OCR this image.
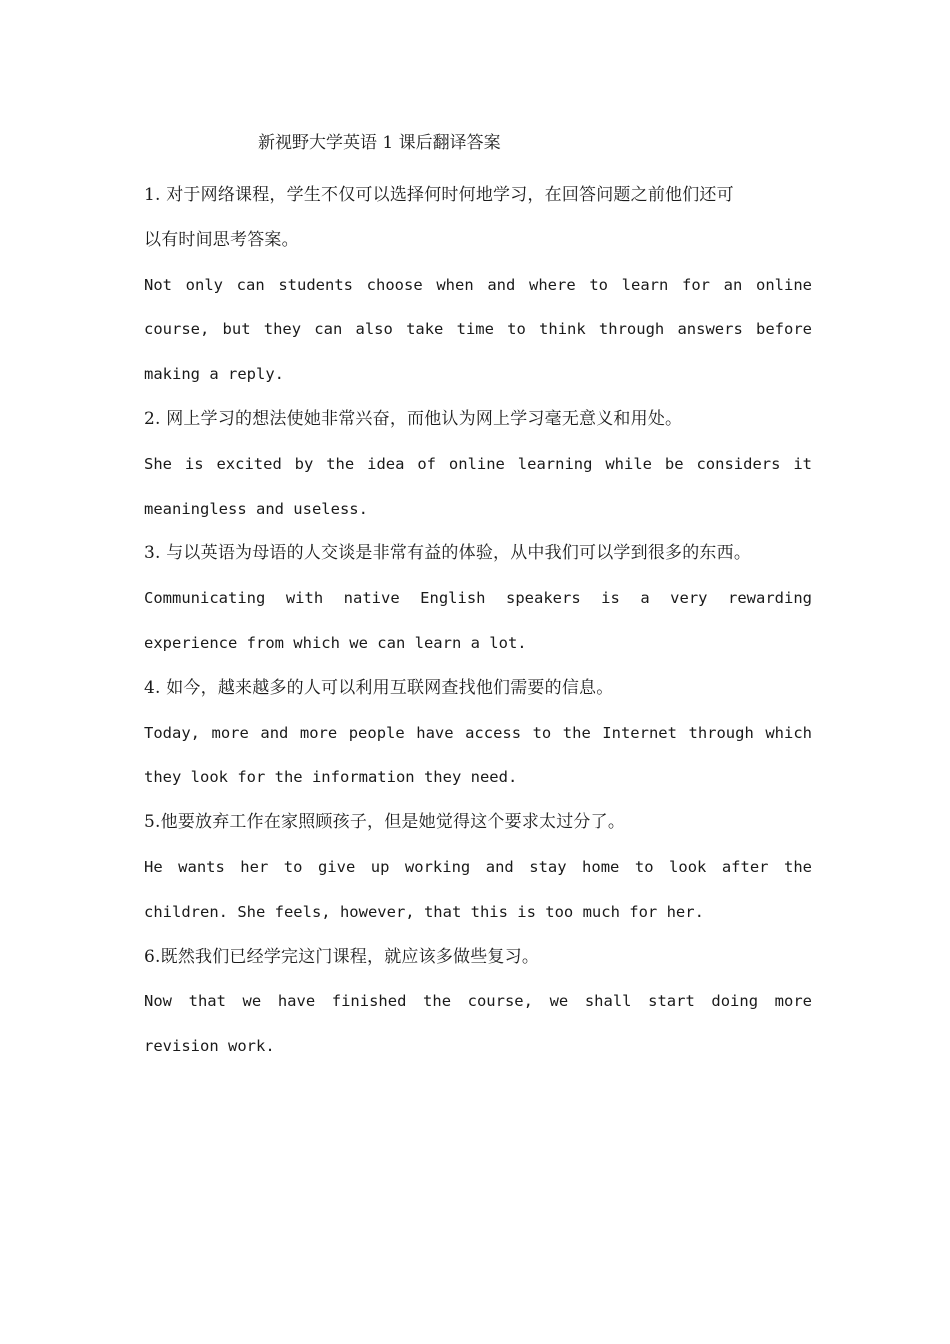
新视野大学英语 1 课后翻译答案

1. 对于网络课程，学生不仅可以选择何时何地学习，在回答问题之前他们还可

以有时间思考答案。

Not only can students choose when and where to learn for an online course, but they can also take time to think through answers before making a reply.

2. 网上学习的想法使她非常兴奋，而他认为网上学习毫无意义和用处。

She is excited by the idea of online learning while be considers it meaningless and useless.

3. 与以英语为母语的人交谈是非常有益的体验，从中我们可以学到很多的东西。

Communicating with native English speakers is a very rewarding experience from which we can learn a lot.

4. 如今，越来越多的人可以利用互联网查找他们需要的信息。

Today, more and more people have access to the Internet through which they look for the information they need.

5.他要放弃工作在家照顾孩子，但是她觉得这个要求太过分了。

He wants her to give up working and stay home to look after the children. She feels, however, that this is too much for her.

6.既然我们已经学完这门课程，就应该多做些复习。

Now that we have finished the course, we shall start doing more revision work.
